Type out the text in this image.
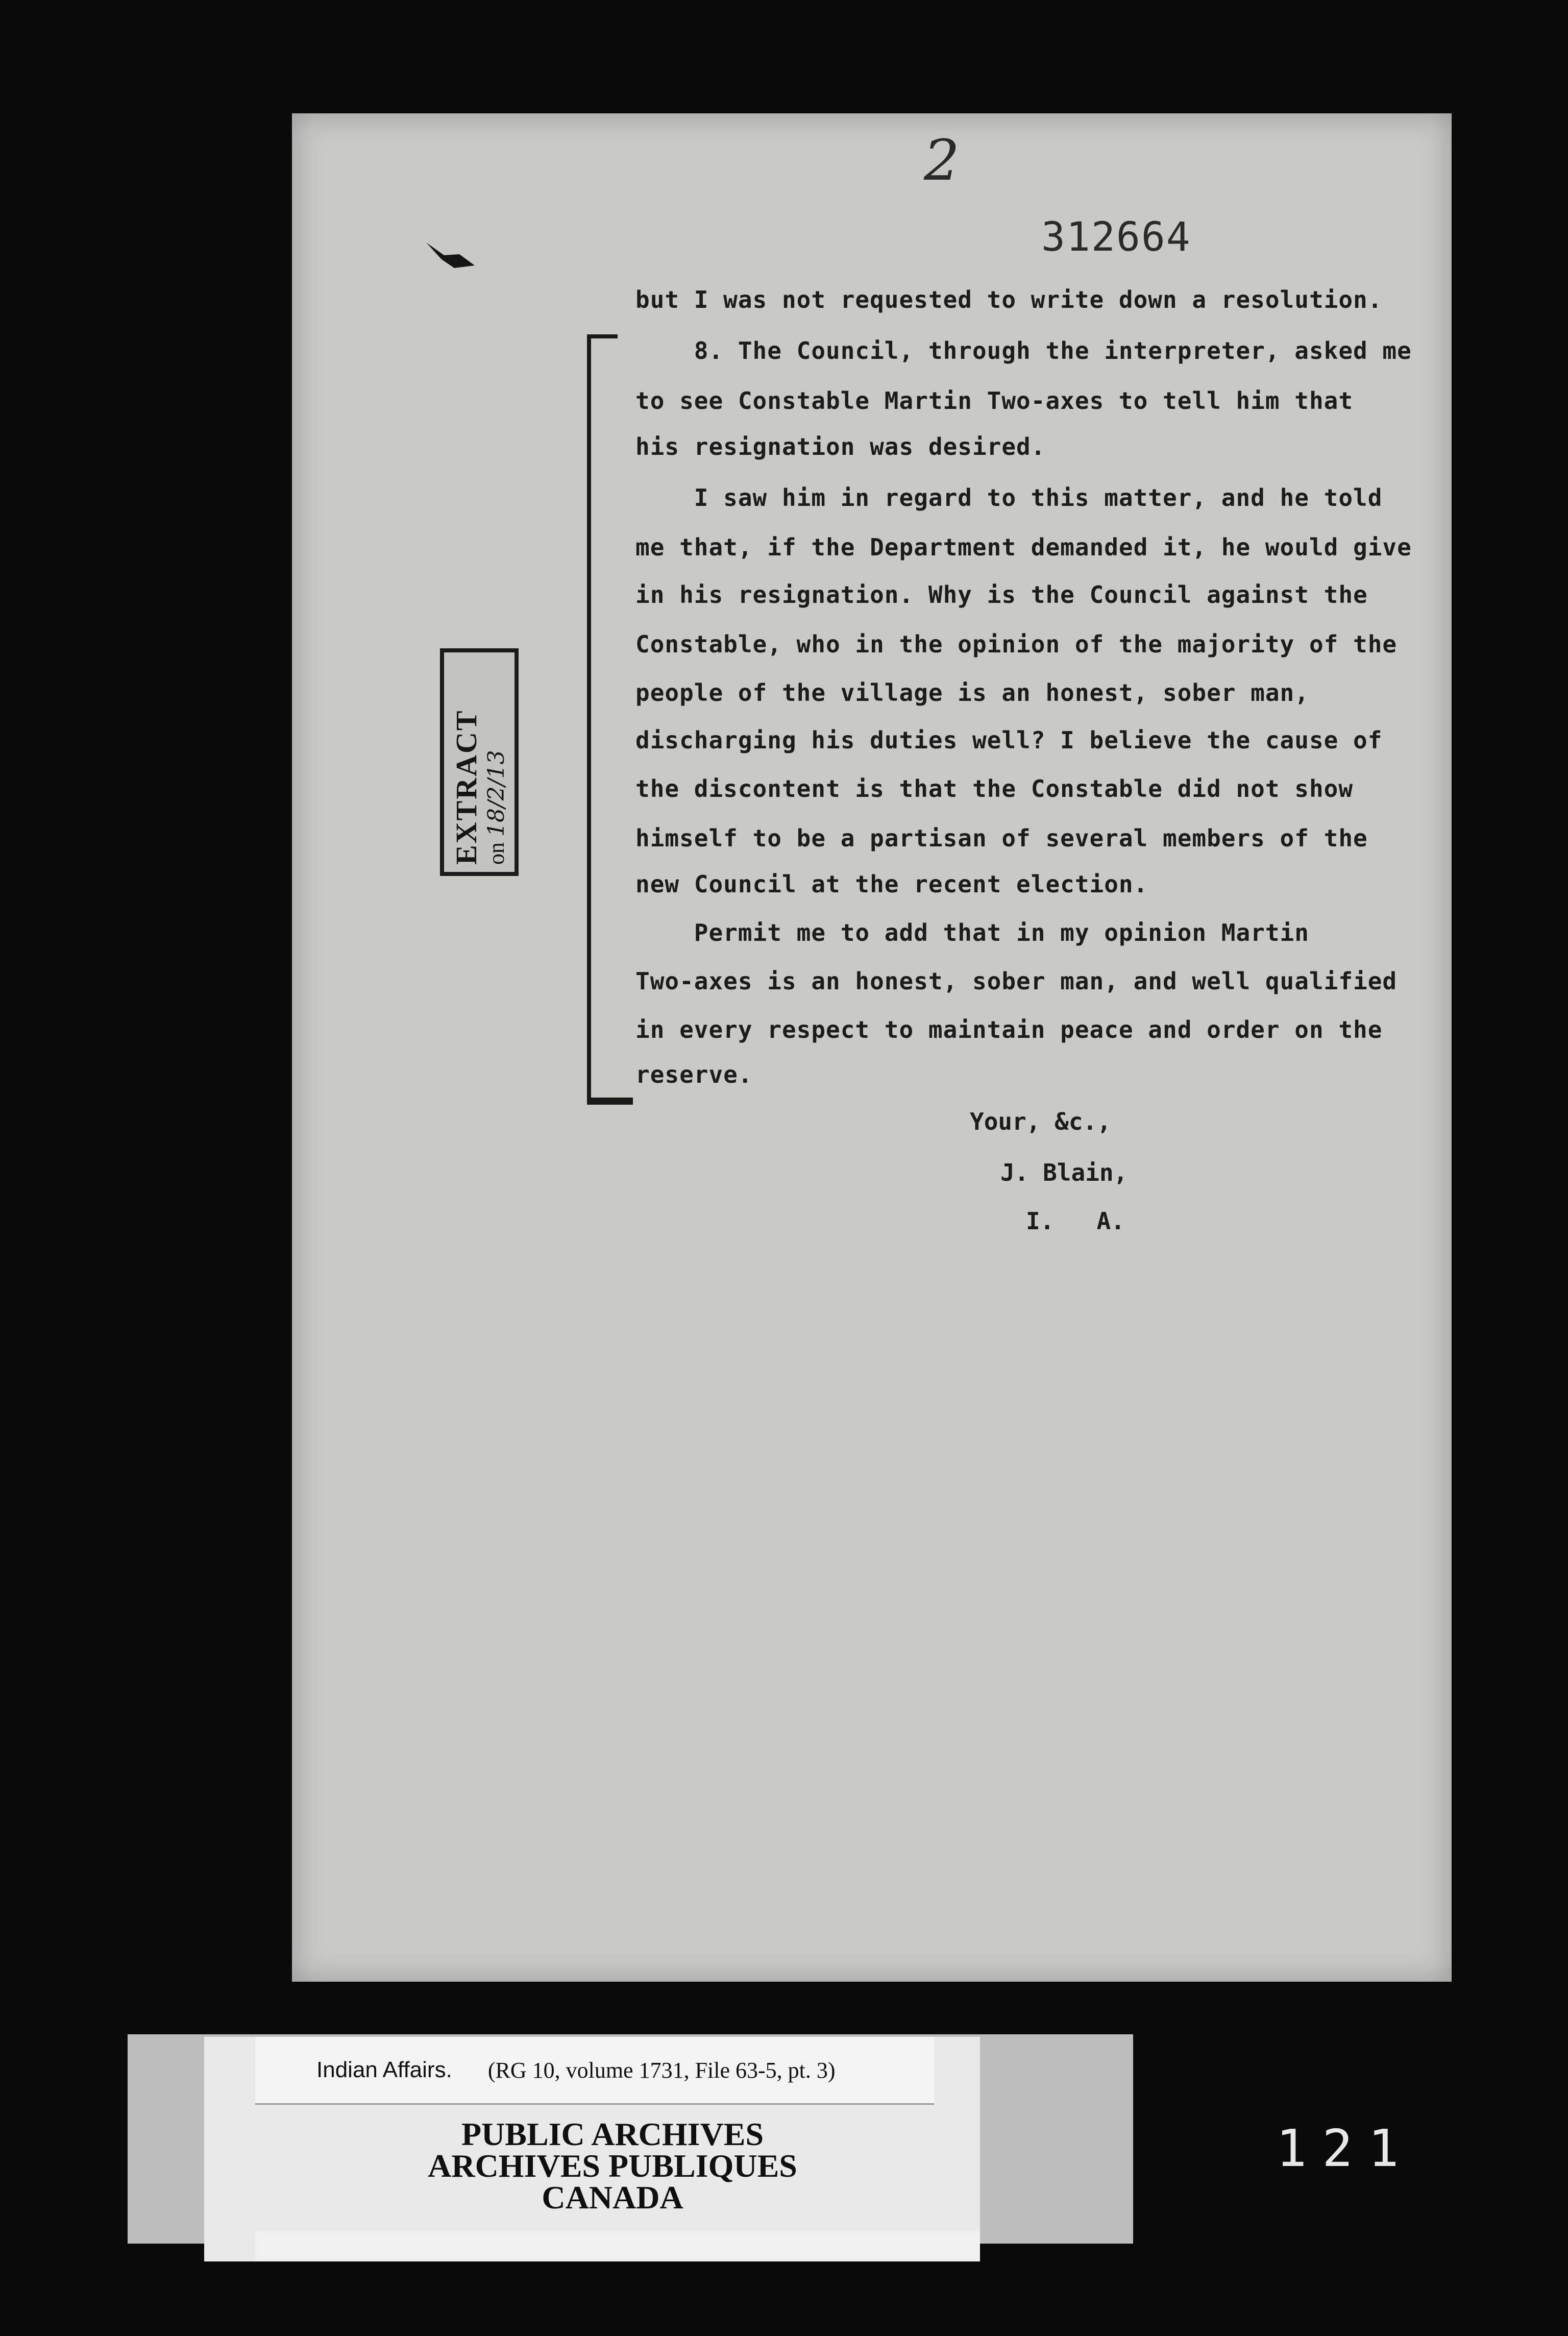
2
312664
but I was not requested to write down a resolution.
8. The Council, through the interpreter, asked me
to see Constable Martin Two-axes to tell him that
his resignation was desired.
I saw him in regard to this matter, and he told
me that, if the Department demanded it, he would give
in his resignation. Why is the Council against the
Constable, who in the opinion of the majority of the
people of the village is an honest, sober man,
discharging his duties well? I believe the cause of
the discontent is that the Constable did not show
himself to be a partisan of several members of the
new Council at the recent election.
Permit me to add that in my opinion Martin
Two-axes is an honest, sober man, and well qualified
in every respect to maintain peace and order on the
reserve.
Your, &c.,
J. Blain,
I.   A.
EXTRACT on 18/2/13
Indian Affairs. (RG 10, volume 1731, File 63-5, pt. 3)
PUBLIC ARCHIVES
ARCHIVES PUBLIQUES
CANADA
121
